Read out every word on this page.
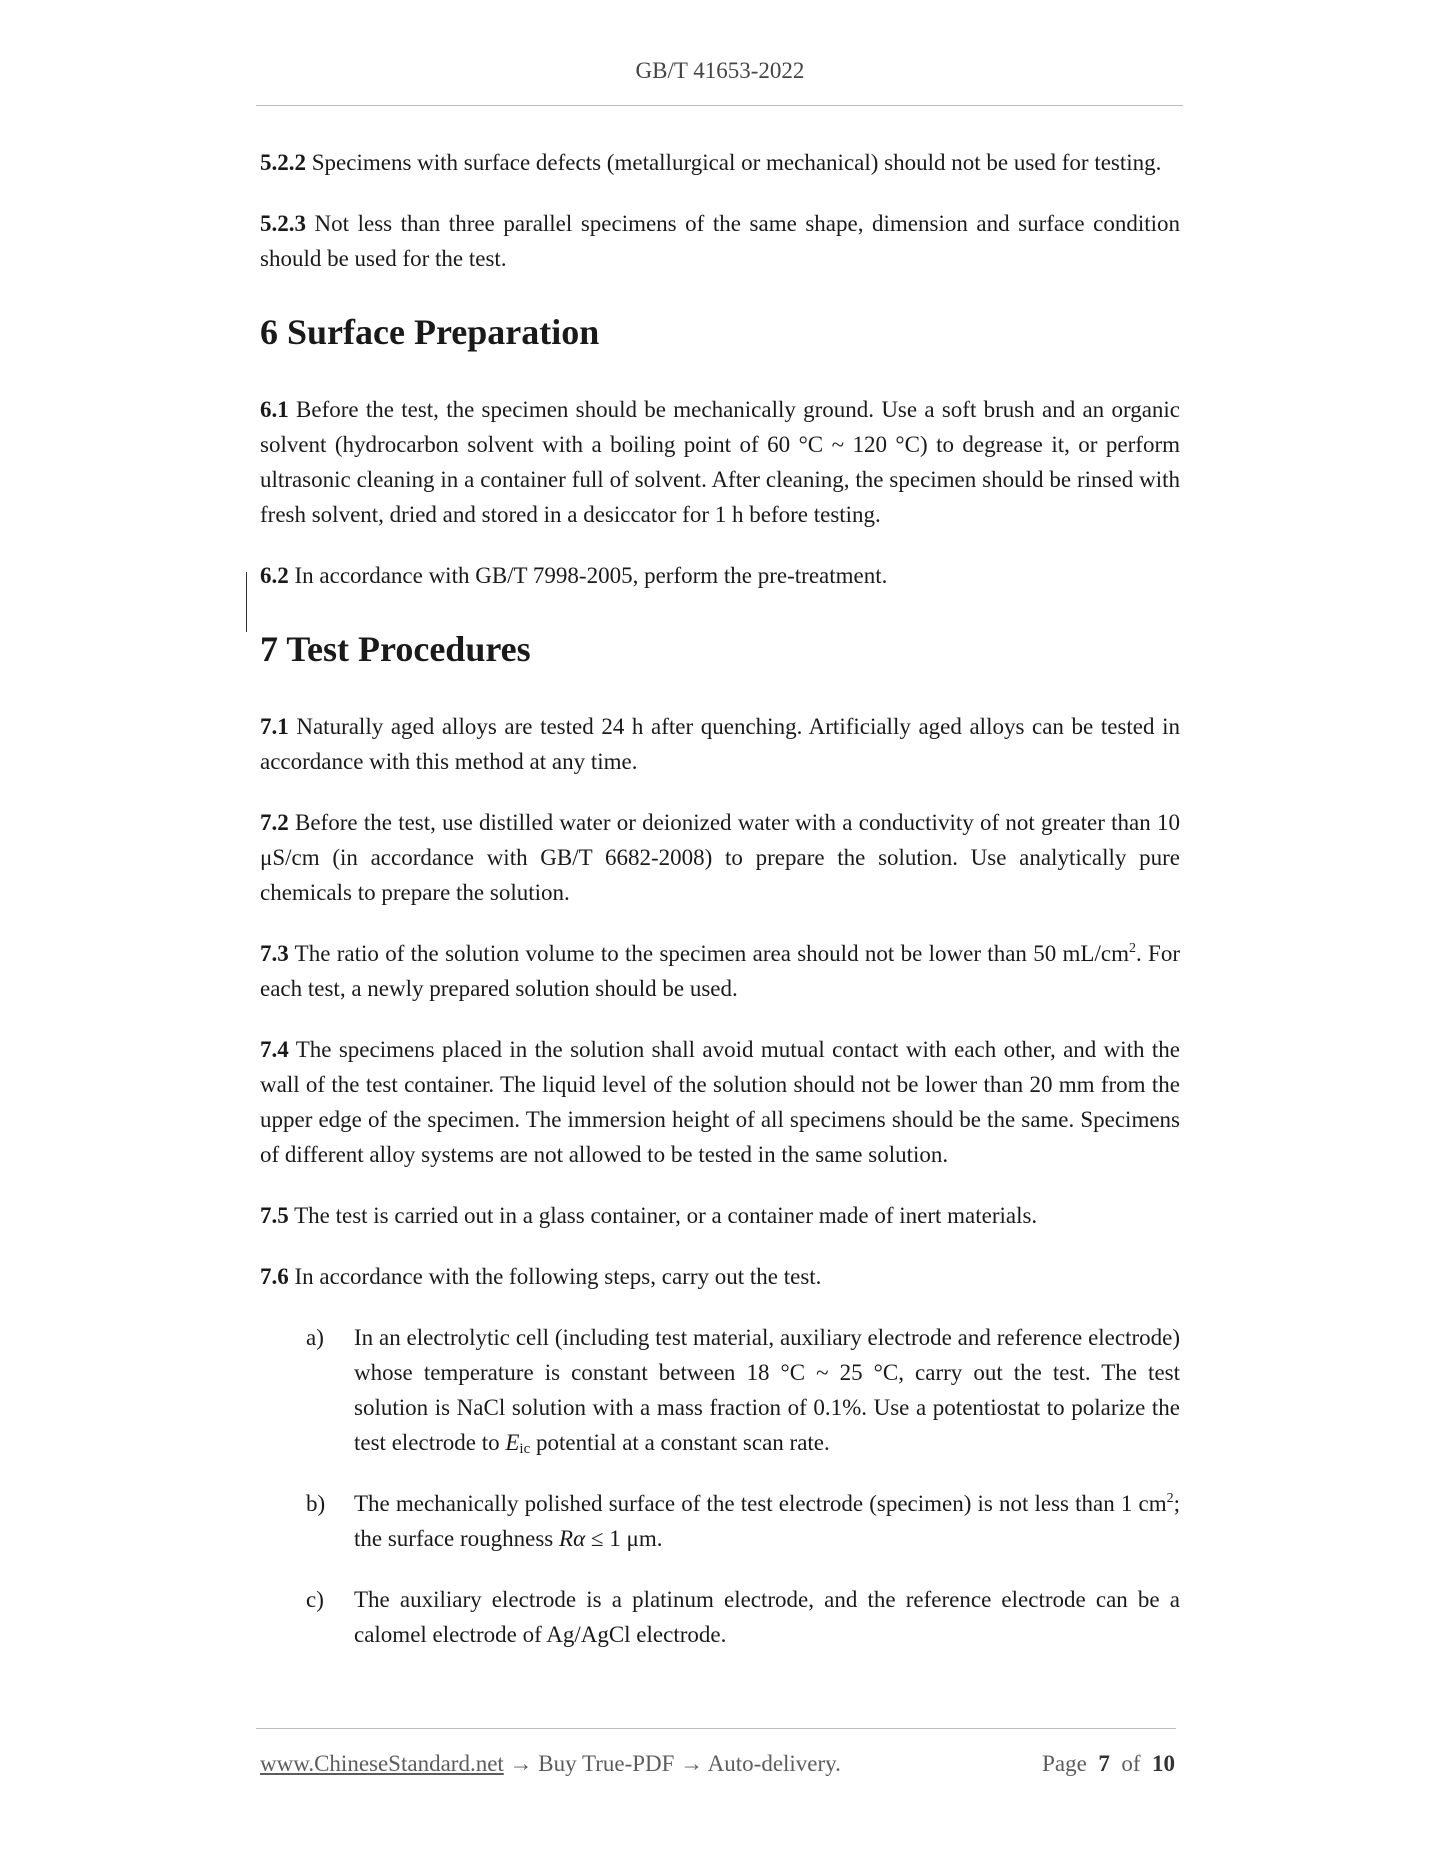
GB/T 41653-2022

5.2.2 Specimens with surface defects (metallurgical or mechanical) should not be used for testing.

5.2.3 Not less than three parallel specimens of the same shape, dimension and surface condition should be used for the test.

6 Surface Preparation

6.1 Before the test, the specimen should be mechanically ground. Use a soft brush and an organic solvent (hydrocarbon solvent with a boiling point of 60 °C ~ 120 °C) to degrease it, or perform ultrasonic cleaning in a container full of solvent. After cleaning, the specimen should be rinsed with fresh solvent, dried and stored in a desiccator for 1 h before testing.

6.2 In accordance with GB/T 7998-2005, perform the pre-treatment.

7 Test Procedures

7.1 Naturally aged alloys are tested 24 h after quenching. Artificially aged alloys can be tested in accordance with this method at any time.

7.2 Before the test, use distilled water or deionized water with a conductivity of not greater than 10 μS/cm (in accordance with GB/T 6682-2008) to prepare the solution. Use analytically pure chemicals to prepare the solution.

7.3 The ratio of the solution volume to the specimen area should not be lower than 50 $mL/cm^2$. For each test, a newly prepared solution should be used.

7.4 The specimens placed in the solution shall avoid mutual contact with each other, and with the wall of the test container. The liquid level of the solution should not be lower than 20 mm from the upper edge of the specimen. The immersion height of all specimens should be the same. Specimens of different alloy systems are not allowed to be tested in the same solution.

7.5 The test is carried out in a glass container, or a container made of inert materials.

7.6 In accordance with the following steps, carry out the test.

a) In an electrolytic cell (including test material, auxiliary electrode and reference electrode) whose temperature is constant between 18 °C ~ 25 °C, carry out the test. The test solution is NaCl solution with a mass fraction of 0.1%. Use a potentiostat to polarize the test electrode to $E_{ic}$ potential at a constant scan rate.
b) The mechanically polished surface of the test electrode (specimen) is not less than 1 $cm^2$; the surface roughness Rα ≤ 1 μm.
c) The auxiliary electrode is a platinum electrode, and the reference electrode can be a calomel electrode of Ag/AgCl electrode.
www.ChineseStandard.net → Buy True-PDF → Auto-delivery.	Page 7 of 10
